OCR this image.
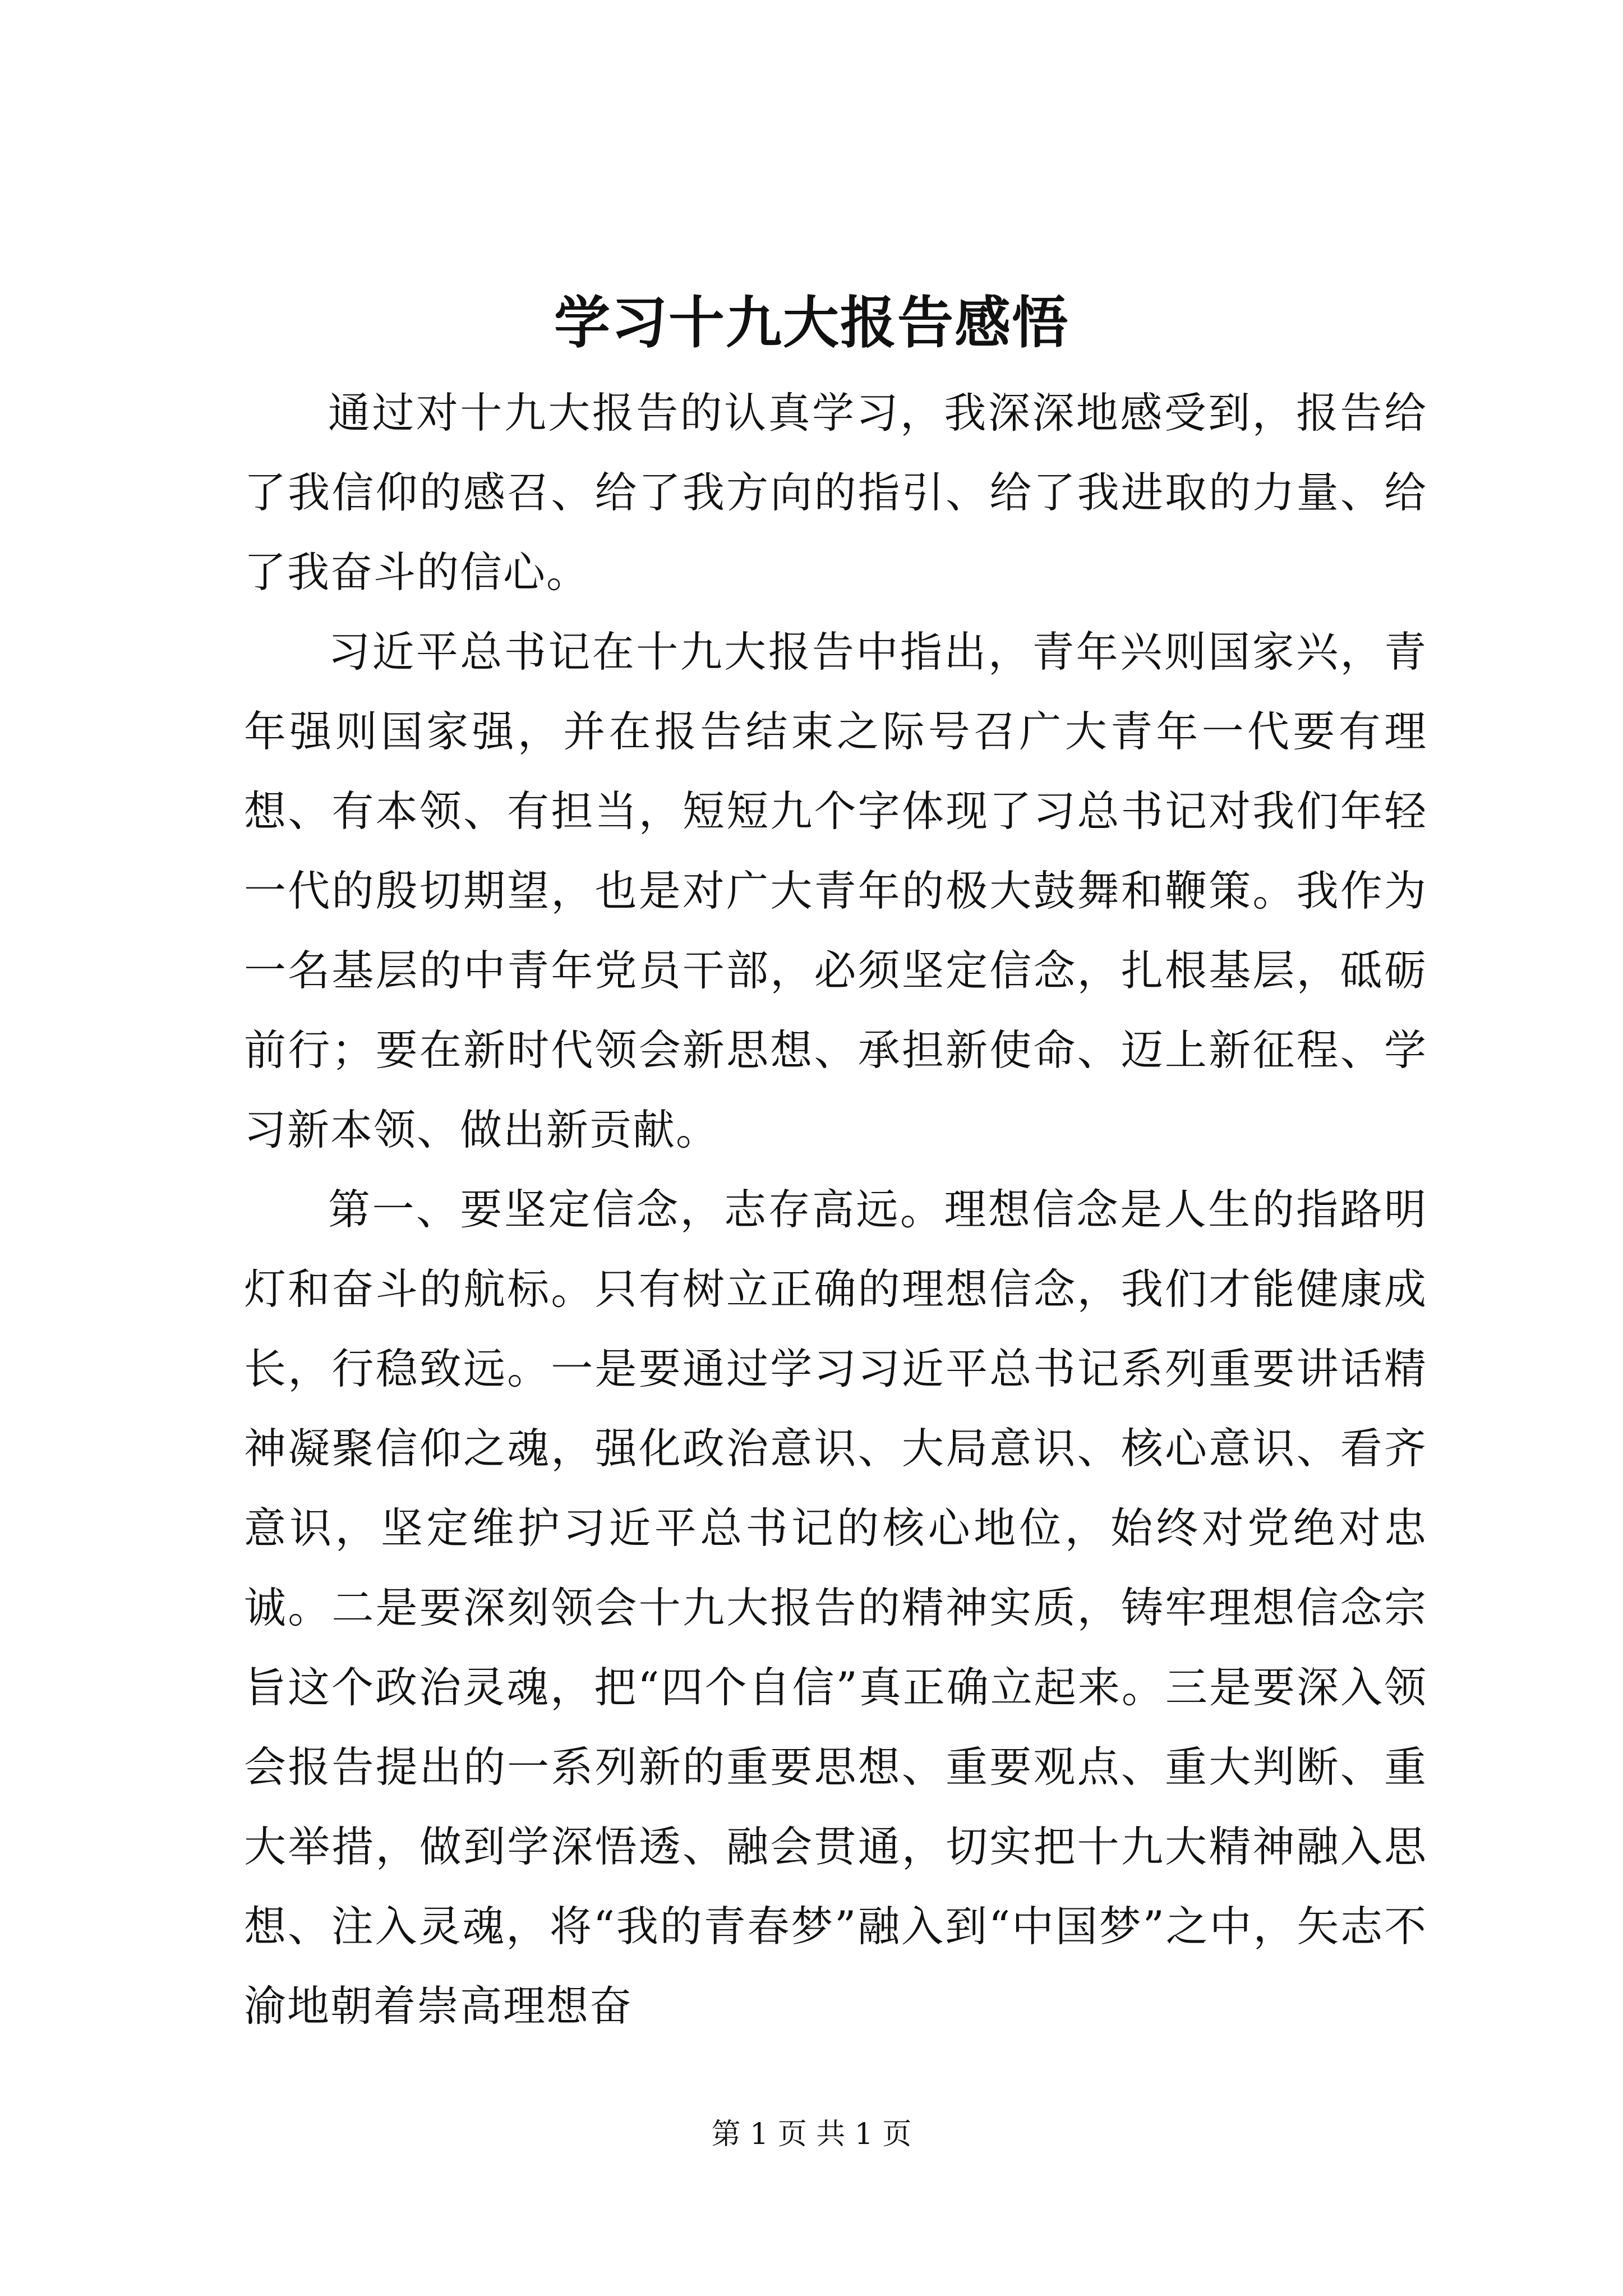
学习十九大报告感悟

通过对十九大报告的认真学习，我深深地感受到，报告给了我信仰的感召、给了我方向的指引、给了我进取的力量、给了我奋斗的信心。

习近平总书记在十九大报告中指出，青年兴则国家兴，青年强则国家强，并在报告结束之际号召广大青年一代要有理想、有本领、有担当，短短九个字体现了习总书记对我们年轻一代的殷切期望，也是对广大青年的极大鼓舞和鞭策。我作为一名基层的中青年党员干部，必须坚定信念，扎根基层，砥砺前行；要在新时代领会新思想、承担新使命、迈上新征程、学习新本领、做出新贡献。

第一、要坚定信念，志存高远。理想信念是人生的指路明灯和奋斗的航标。只有树立正确的理想信念，我们才能健康成长，行稳致远。一是要通过学习习近平总书记系列重要讲话精神凝聚信仰之魂，强化政治意识、大局意识、核心意识、看齐意识，坚定维护习近平总书记的核心地位，始终对党绝对忠诚。二是要深刻领会十九大报告的精神实质，铸牢理想信念宗旨这个政治灵魂，把“四个自信”真正确立起来。三是要深入领会报告提出的一系列新的重要思想、重要观点、重大判断、重大举措，做到学深悟透、融会贯通，切实把十九大精神融入思想、注入灵魂，将“我的青春梦”融入到“中国梦”之中，矢志不渝地朝着崇高理想奋

第 1 页 共 1 页
